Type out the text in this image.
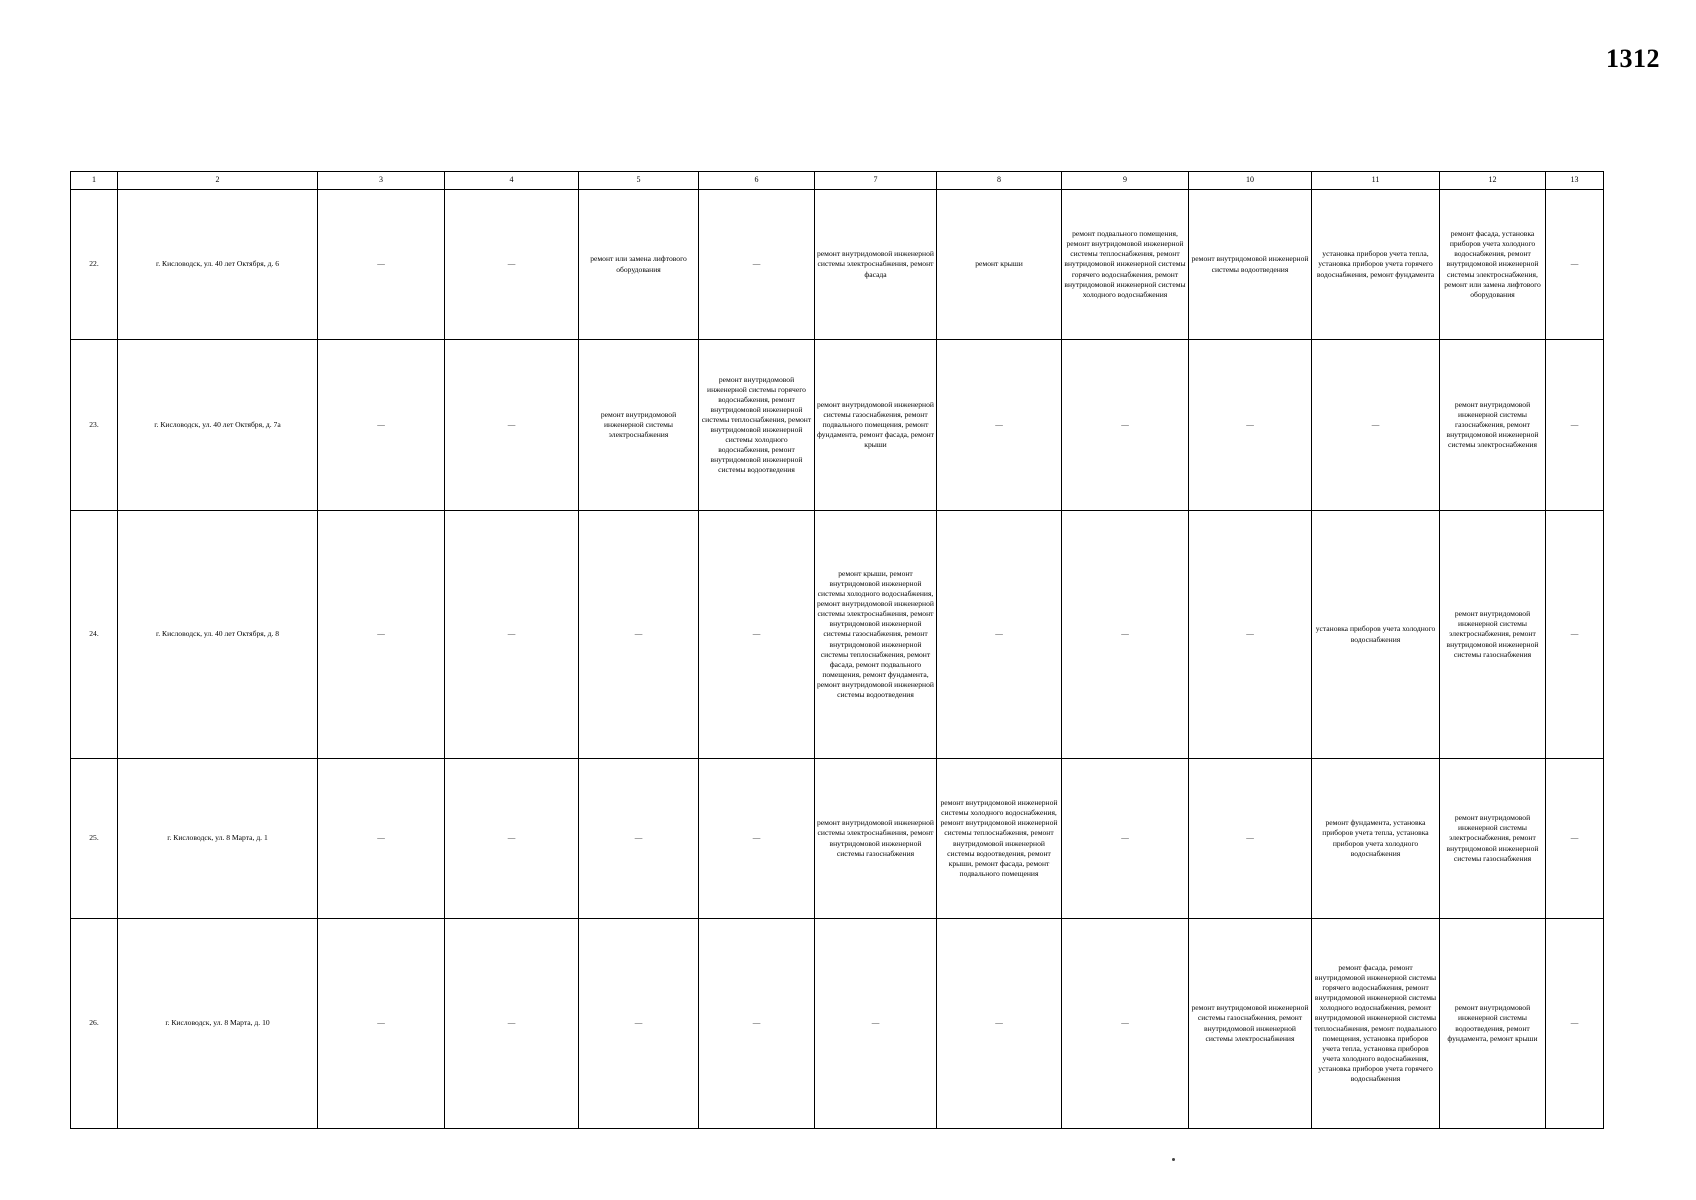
1312
1	2	3	4	5	6	7	8	9	10	11	12	13
22.	г. Кисловодск, ул. 40 лет Октября, д. 6	—	—	ремонт или замена лифтового оборудования	—	ремонт внутридомовой инженерной системы электроснабжения, ремонт фасада	ремонт крыши	ремонт подвального помещения, ремонт внутридомовой инженерной системы теплоснабжения, ремонт внутридомовой инженерной системы горячего водоснабжения, ремонт внутридомовой инженерной системы холодного водоснабжения	ремонт внутридомовой инженерной системы водоотведения	установка приборов учета тепла, установка приборов учета горячего водоснабжения, ремонт фундамента	ремонт фасада, установка приборов учета холодного водоснабжения, ремонт внутридомовой инженерной системы электроснабжения, ремонт или замена лифтового оборудования	—
23.	г. Кисловодск, ул. 40 лет Октября, д. 7а	—	—	ремонт внутридомовой инженерной системы электроснабжения	ремонт внутридомовой инженерной системы горячего водоснабжения, ремонт внутридомовой инженерной системы теплоснабжения, ремонт внутридомовой инженерной системы холодного водоснабжения, ремонт внутридомовой инженерной системы водоотведения	ремонт внутридомовой инженерной системы газоснабжения, ремонт подвального помещения, ремонт фундамента, ремонт фасада, ремонт крыши	—	—	—	—	ремонт внутридомовой инженерной системы газоснабжения, ремонт внутридомовой инженерной системы электроснабжения	—
24.	г. Кисловодск, ул. 40 лет Октября, д. 8	—	—	—	—	ремонт крыши, ремонт внутридомовой инженерной системы холодного водоснабжения, ремонт внутридомовой инженерной системы электроснабжения, ремонт внутридомовой инженерной системы газоснабжения, ремонт внутридомовой инженерной системы теплоснабжения, ремонт фасада, ремонт подвального помещения, ремонт фундамента, ремонт внутридомовой инженерной системы водоотведения	—	—	—	установка приборов учета холодного водоснабжения	ремонт внутридомовой инженерной системы электроснабжения, ремонт внутридомовой инженерной системы газоснабжения	—
25.	г. Кисловодск, ул. 8 Марта, д. 1	—	—	—	—	ремонт внутридомовой инженерной системы электроснабжения, ремонт внутридомовой инженерной системы газоснабжения	ремонт внутридомовой инженерной системы холодного водоснабжения, ремонт внутридомовой инженерной системы теплоснабжения, ремонт внутридомовой инженерной системы водоотведения, ремонт крыши, ремонт фасада, ремонт подвального помещения	—	—	ремонт фундамента, установка приборов учета тепла, установка приборов учета холодного водоснабжения	ремонт внутридомовой инженерной системы электроснабжения, ремонт внутридомовой инженерной системы газоснабжения	—
26.	г. Кисловодск, ул. 8 Марта, д. 10	—	—	—	—	—	—	—	ремонт внутридомовой инженерной системы газоснабжения, ремонт внутридомовой инженерной системы электроснабжения	ремонт фасада, ремонт внутридомовой инженерной системы горячего водоснабжения, ремонт внутридомовой инженерной системы холодного водоснабжения, ремонт внутридомовой инженерной системы теплоснабжения, ремонт подвального помещения, установка приборов учета тепла, установка приборов учета холодного водоснабжения, установка приборов учета горячего водоснабжения	ремонт внутридомовой инженерной системы водоотведения, ремонт фундамента, ремонт крыши	—
